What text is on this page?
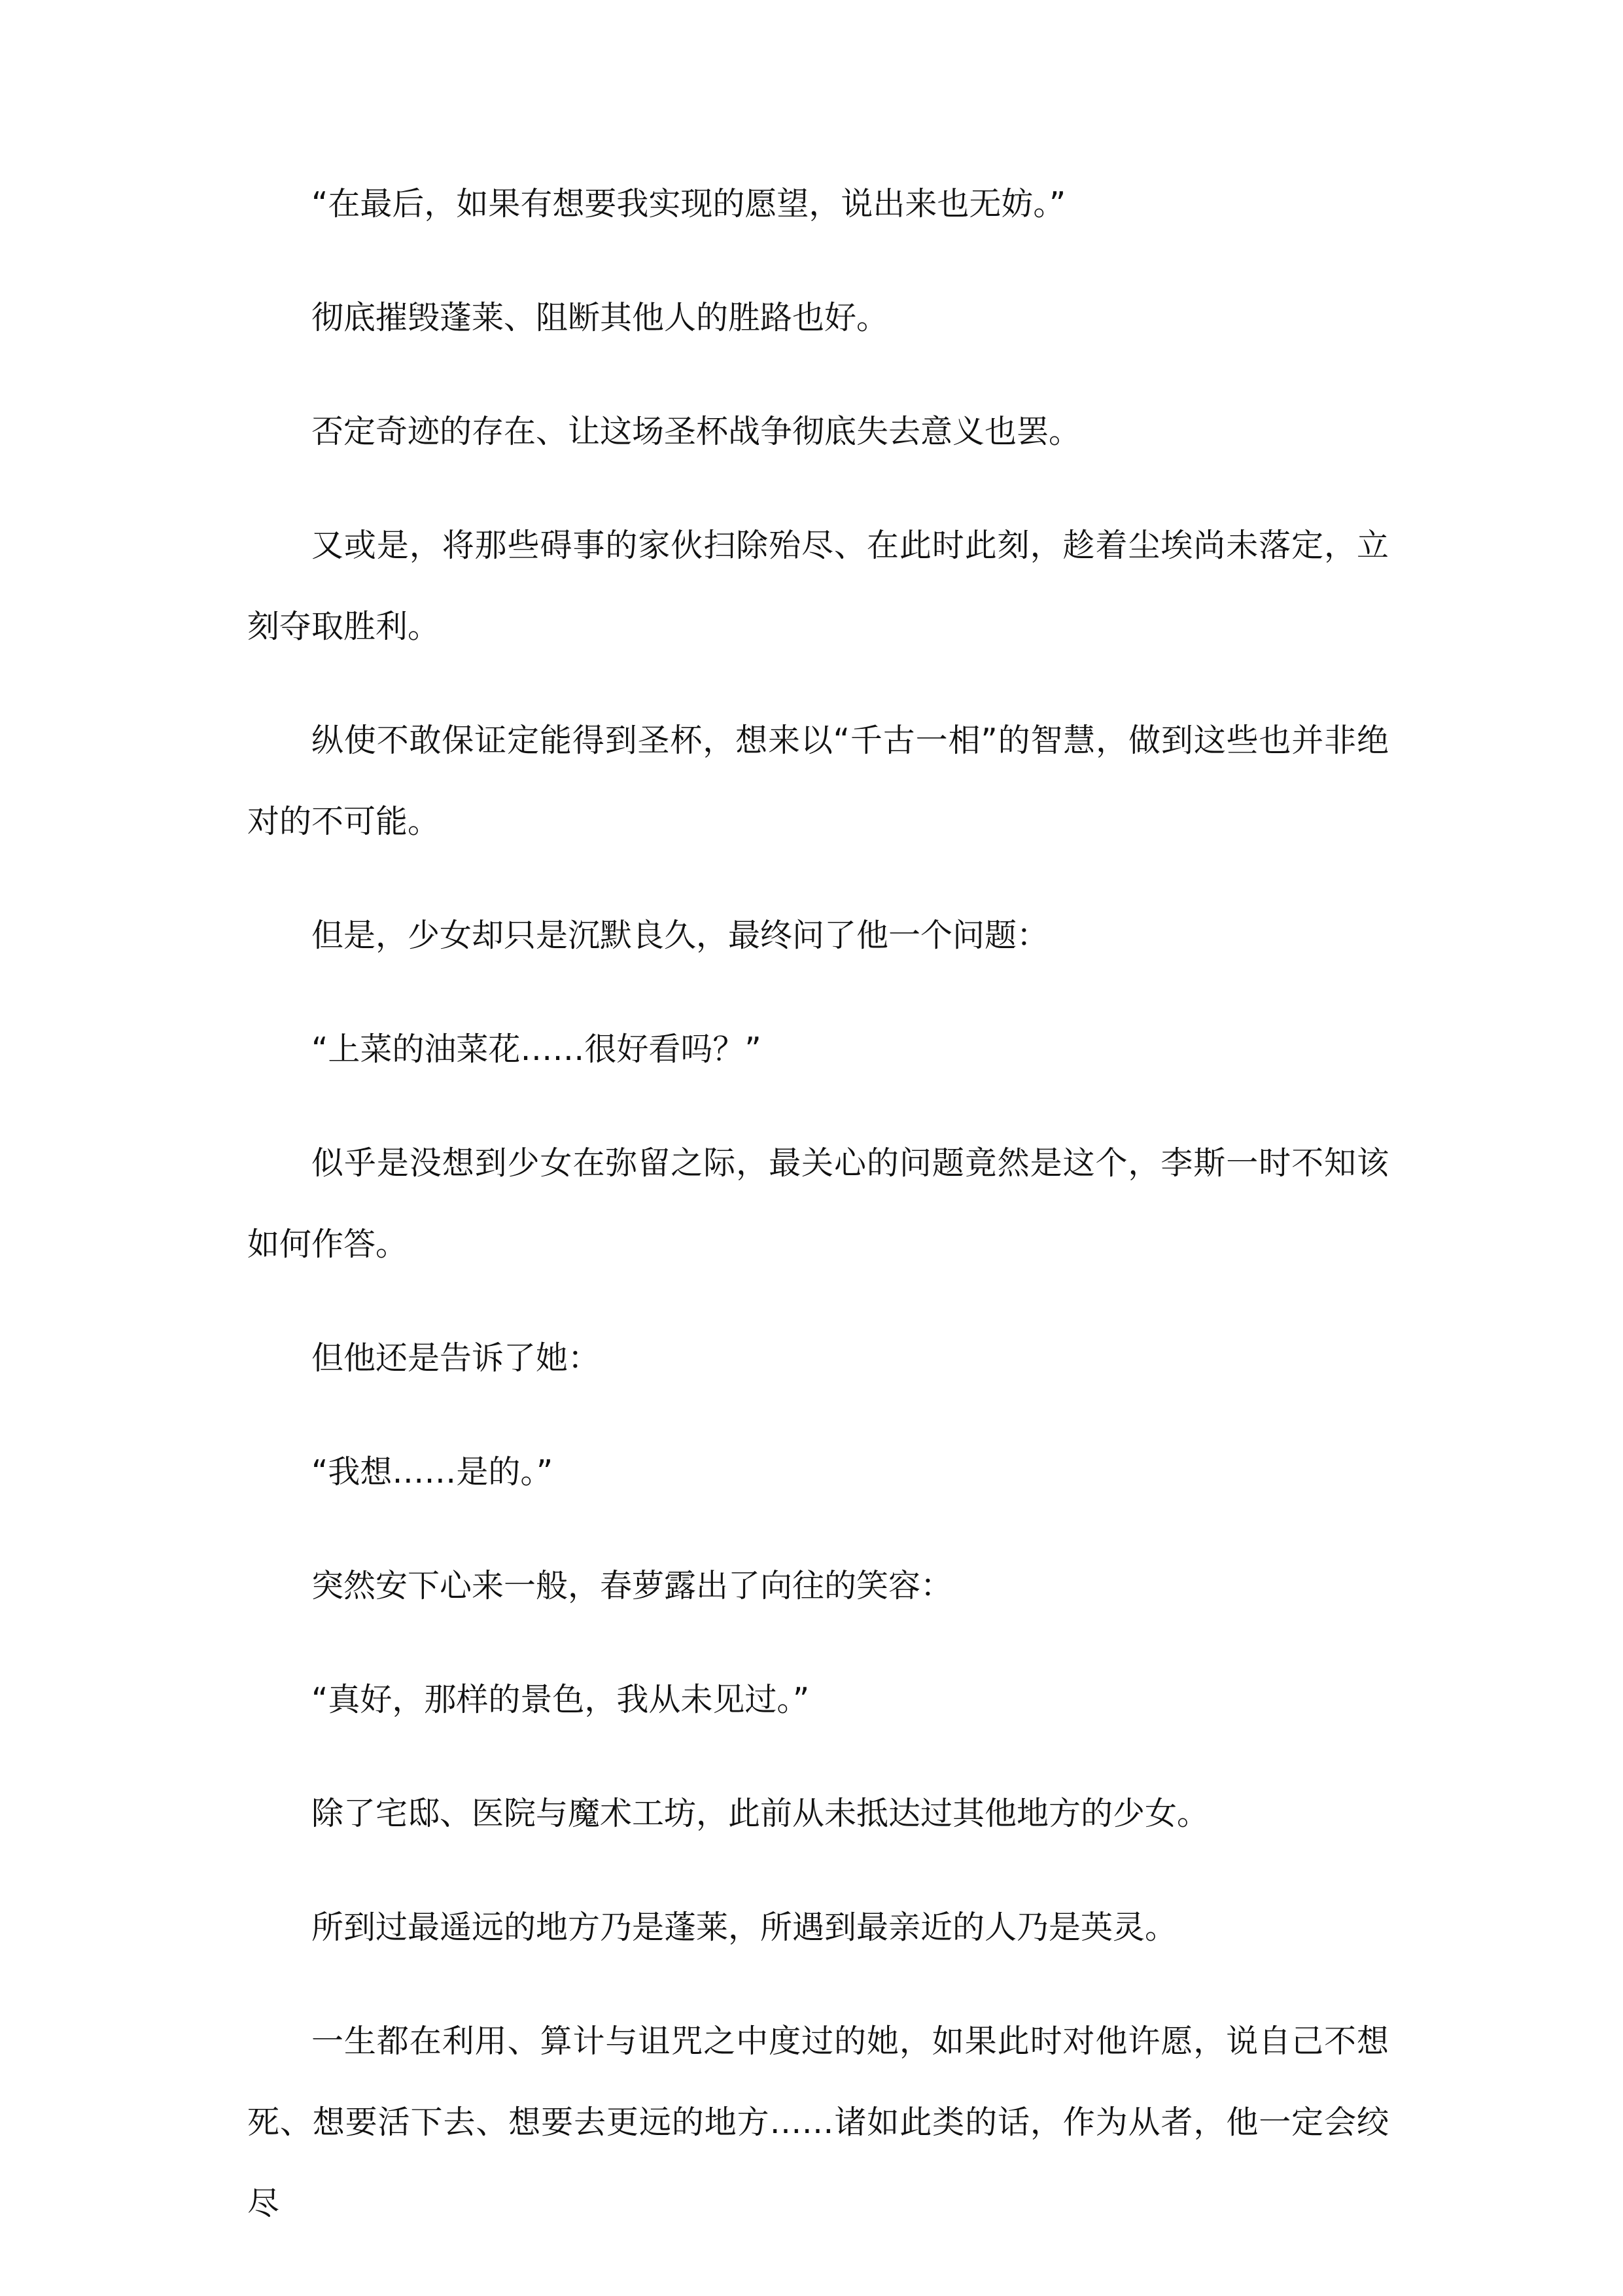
“在最后，如果有想要我实现的愿望，说出来也无妨。”

彻底摧毁蓬莱、阻断其他人的胜路也好。

否定奇迹的存在、让这场圣杯战争彻底失去意义也罢。

又或是，将那些碍事的家伙扫除殆尽、在此时此刻，趁着尘埃尚未落定，立刻夺取胜利。

纵使不敢保证定能得到圣杯，想来以“千古一相”的智慧，做到这些也并非绝对的不可能。

但是，少女却只是沉默良久，最终问了他一个问题：

“上菜的油菜花……很好看吗？”

似乎是没想到少女在弥留之际，最关心的问题竟然是这个，李斯一时不知该如何作答。

但他还是告诉了她：

“我想……是的。”

突然安下心来一般，春萝露出了向往的笑容：

“真好，那样的景色，我从未见过。”

除了宅邸、医院与魔术工坊，此前从未抵达过其他地方的少女。

所到过最遥远的地方乃是蓬莱，所遇到最亲近的人乃是英灵。

一生都在利用、算计与诅咒之中度过的她，如果此时对他许愿，说自己不想死、想要活下去、想要去更远的地方……诸如此类的话，作为从者，他一定会绞尽
